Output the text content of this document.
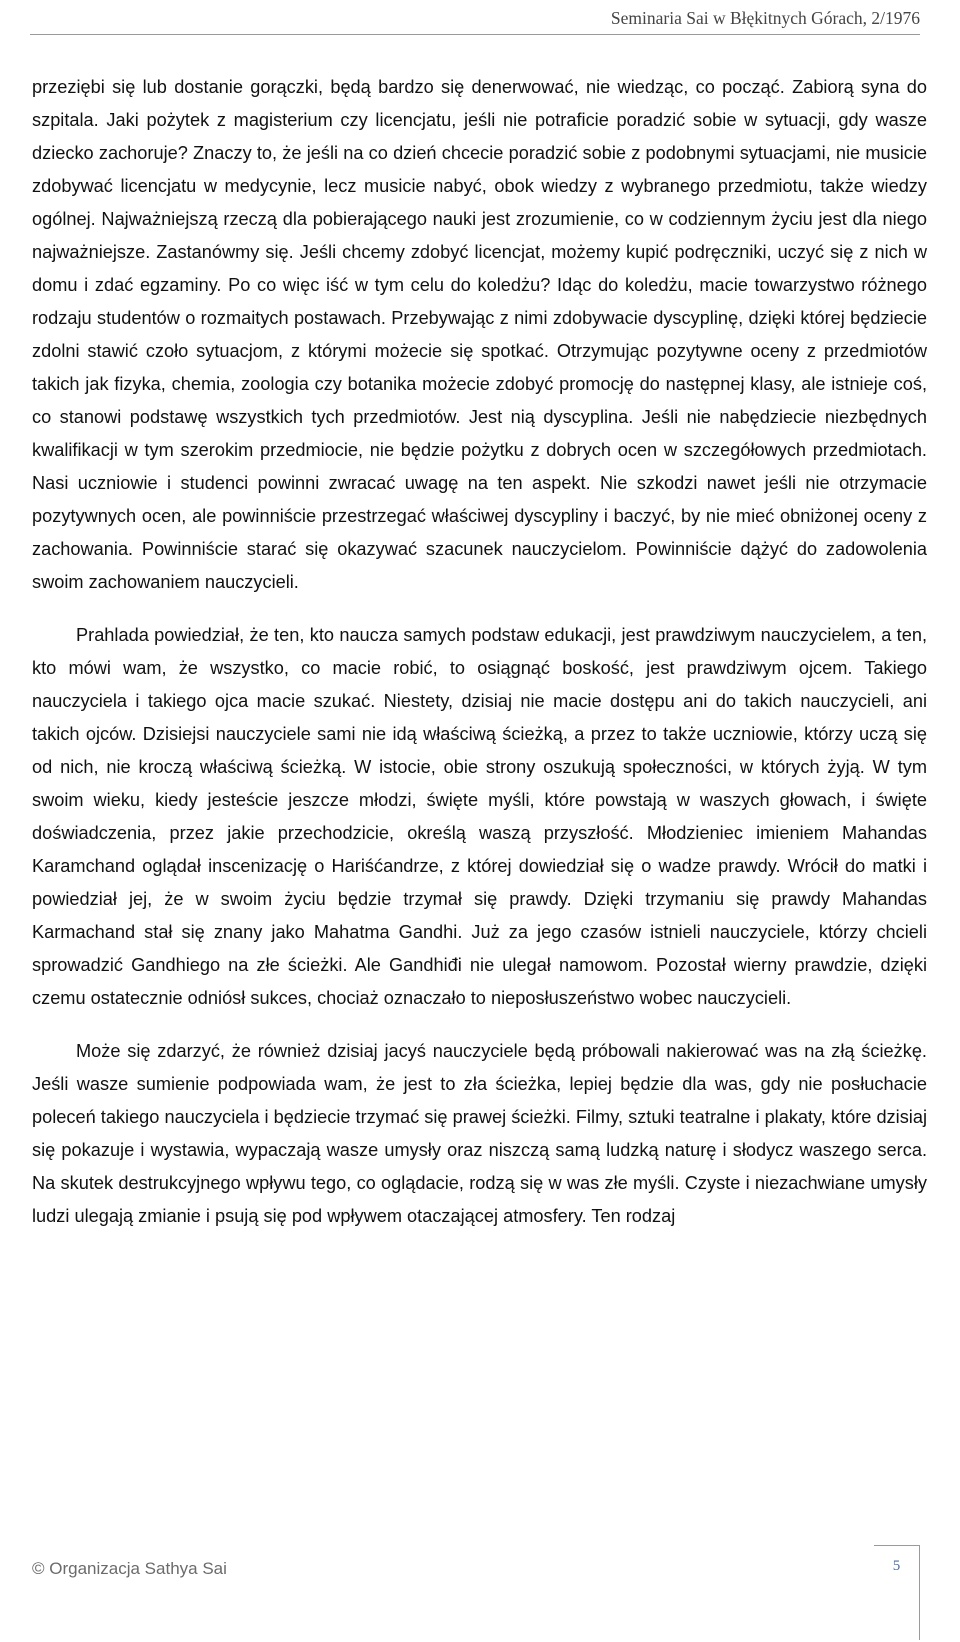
Seminaria Sai w Błękitnych Górach, 2/1976

przeziębi się lub dostanie gorączki, będą bardzo się denerwować, nie wiedząc, co począć. Zabiorą syna do szpitala. Jaki pożytek z magisterium czy licencjatu, jeśli nie potraficie poradzić sobie w sytuacji, gdy wasze dziecko zachoruje? Znaczy to, że jeśli na co dzień chcecie poradzić sobie z podobnymi sytuacjami, nie musicie zdobywać licencjatu w medycynie, lecz musicie nabyć, obok wiedzy z wybranego przedmiotu, także wiedzy ogólnej. Najważniejszą rzeczą dla pobierającego nauki jest zrozumienie, co w codziennym życiu jest dla niego najważniejsze. Zastanówmy się. Jeśli chcemy zdobyć licencjat, możemy kupić podręczniki, uczyć się z nich w domu i zdać egzaminy. Po co więc iść w tym celu do koledżu? Idąc do koledżu, macie towarzystwo różnego rodzaju studentów o rozmaitych postawach. Przebywając z nimi zdobywacie dyscyplinę, dzięki której będziecie zdolni stawić czoło sytuacjom, z którymi możecie się spotkać. Otrzymując pozytywne oceny z przedmiotów takich jak fizyka, chemia, zoologia czy botanika możecie zdobyć promocję do następnej klasy, ale istnieje coś, co stanowi podstawę wszystkich tych przedmiotów. Jest nią dyscyplina. Jeśli nie nabędziecie niezbędnych kwalifikacji w tym szerokim przedmiocie, nie będzie pożytku z dobrych ocen w szczegółowych przedmiotach. Nasi uczniowie i studenci powinni zwracać uwagę na ten aspekt. Nie szkodzi nawet jeśli nie otrzymacie pozytywnych ocen, ale powinniście przestrzegać właściwej dyscypliny i baczyć, by nie mieć obniżonej oceny z zachowania. Powinniście starać się okazywać szacunek nauczycielom. Powinniście dążyć do zadowolenia swoim zachowaniem nauczycieli.

Prahlada powiedział, że ten, kto naucza samych podstaw edukacji, jest prawdziwym nauczycielem, a ten, kto mówi wam, że wszystko, co macie robić, to osiągnąć boskość, jest prawdziwym ojcem. Takiego nauczyciela i takiego ojca macie szukać. Niestety, dzisiaj nie macie dostępu ani do takich nauczycieli, ani takich ojców. Dzisiejsi nauczyciele sami nie idą właściwą ścieżką, a przez to także uczniowie, którzy uczą się od nich, nie kroczą właściwą ścieżką. W istocie, obie strony oszukują społeczności, w których żyją. W tym swoim wieku, kiedy jesteście jeszcze młodzi, święte myśli, które powstają w waszych głowach, i święte doświadczenia, przez jakie przechodzicie, określą waszą przyszłość. Młodzieniec imieniem Mahandas Karamchand oglądał inscenizację o Hariśćandrze, z której dowiedział się o wadze prawdy. Wrócił do matki i powiedział jej, że w swoim życiu będzie trzymał się prawdy. Dzięki trzymaniu się prawdy Mahandas Karmachand stał się znany jako Mahatma Gandhi. Już za jego czasów istnieli nauczyciele, którzy chcieli sprowadzić Gandhiego na złe ścieżki. Ale Gandhiđi nie ulegał namowom. Pozostał wierny prawdzie, dzięki czemu ostatecznie odniósł sukces, chociaż oznaczało to nieposłuszeństwo wobec nauczycieli.

Może się zdarzyć, że również dzisiaj jacyś nauczyciele będą próbowali nakierować was na złą ścieżkę. Jeśli wasze sumienie podpowiada wam, że jest to zła ścieżka, lepiej będzie dla was, gdy nie posłuchacie poleceń takiego nauczyciela i będziecie trzymać się prawej ścieżki. Filmy, sztuki teatralne i plakaty, które dzisiaj się pokazuje i wystawia, wypaczają wasze umysły oraz niszczą samą ludzką naturę i słodycz waszego serca. Na skutek destrukcyjnego wpływu tego, co oglądacie, rodzą się w was złe myśli. Czyste i niezachwiane umysły ludzi ulegają zmianie i psują się pod wpływem otaczającej atmosfery. Ten rodzaj

© Organizacja Sathya Sai	5
